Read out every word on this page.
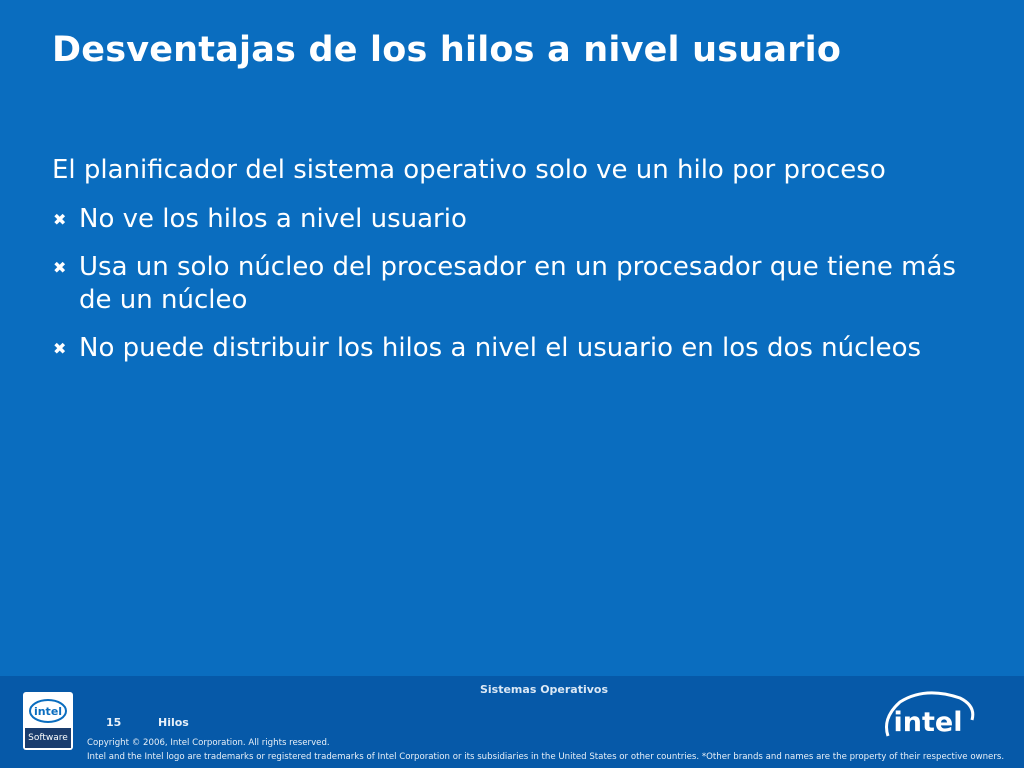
Desventajas de los hilos a nivel usuario
El planificador del sistema operativo solo ve un hilo por proceso
✖ No ve los hilos a nivel usuario
✖ Usa un solo núcleo del procesador en un procesador que tiene más de un núcleo
✖ No puede distribuir los hilos a nivel el usuario en los dos núcleos
Sistemas Operativos
intel
Software
15	Hilos
Copyright © 2006, Intel Corporation. All rights reserved.
Intel and the Intel logo are trademarks or registered trademarks of Intel Corporation or its subsidiaries in the United States or other countries. *Other brands and names are the property of their respective owners.
intel
